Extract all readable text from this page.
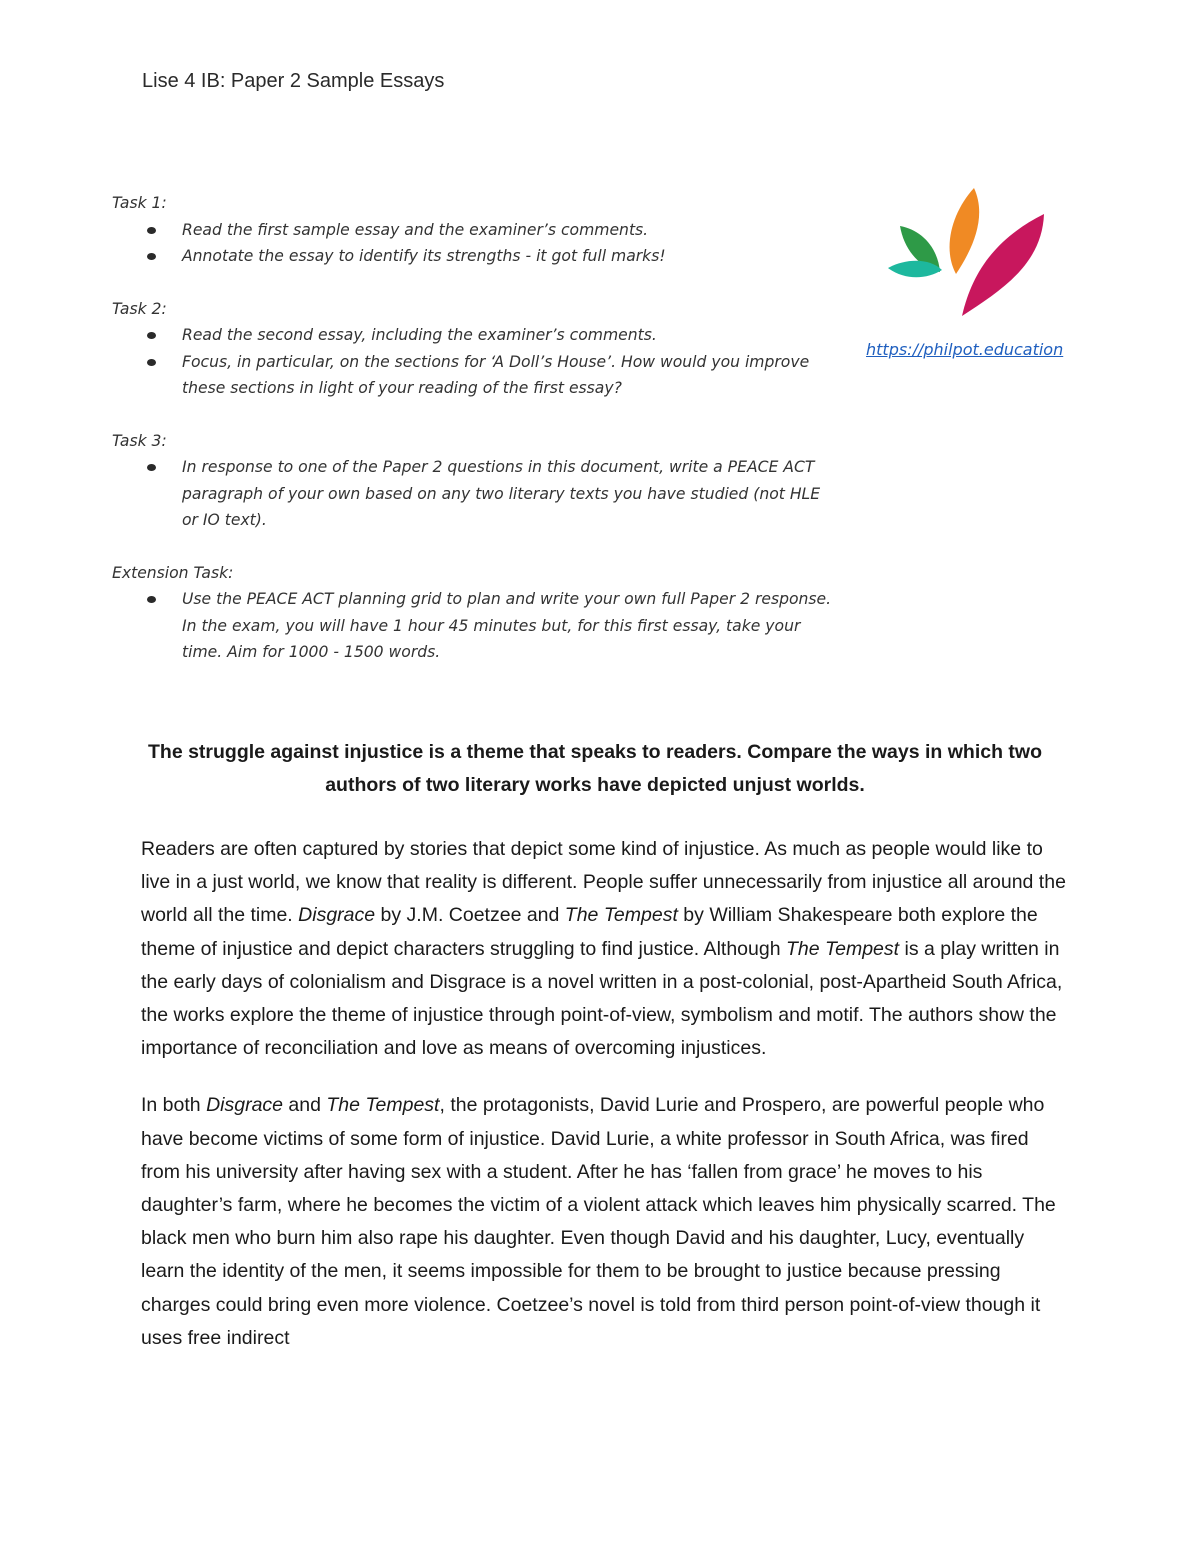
Lise 4 IB: Paper 2 Sample Essays
Task 1:
Read the first sample essay and the examiner’s comments.
Annotate the essay to identify its strengths - it got full marks!
Task 2:
Read the second essay, including the examiner’s comments.
Focus, in particular, on the sections for ‘A Doll’s House’. How would you improve these sections in light of your reading of the first essay?
Task 3:
In response to one of the Paper 2 questions in this document, write a PEACE ACT paragraph of your own based on any two literary texts you have studied (not HLE or IO text).
Extension Task:
Use the PEACE ACT planning grid to plan and write your own full Paper 2 response. In the exam, you will have 1 hour 45 minutes but, for this first essay, take your time. Aim for 1000 - 1500 words.
https://philpot.education
The struggle against injustice is a theme that speaks to readers. Compare the ways in which two authors of two literary works have depicted unjust worlds.

Readers are often captured by stories that depict some kind of injustice. As much as people would like to live in a just world, we know that reality is different. People suffer unnecessarily from injustice all around the world all the time. Disgrace by J.M. Coetzee and The Tempest by William Shakespeare both explore the theme of injustice and depict characters struggling to find justice. Although The Tempest is a play written in the early days of colonialism and Disgrace is a novel written in a post-colonial, post-Apartheid South Africa, the works explore the theme of injustice through point-of-view, symbolism and motif. The authors show the importance of reconciliation and love as means of overcoming injustices.

In both Disgrace and The Tempest, the protagonists, David Lurie and Prospero, are powerful people who have become victims of some form of injustice. David Lurie, a white professor in South Africa, was fired from his university after having sex with a student. After he has ‘fallen from grace’ he moves to his daughter’s farm, where he becomes the victim of a violent attack which leaves him physically scarred. The black men who burn him also rape his daughter. Even though David and his daughter, Lucy, eventually learn the identity of the men, it seems impossible for them to be brought to justice because pressing charges could bring even more violence. Coetzee’s novel is told from third person point-of-view though it uses free indirect
